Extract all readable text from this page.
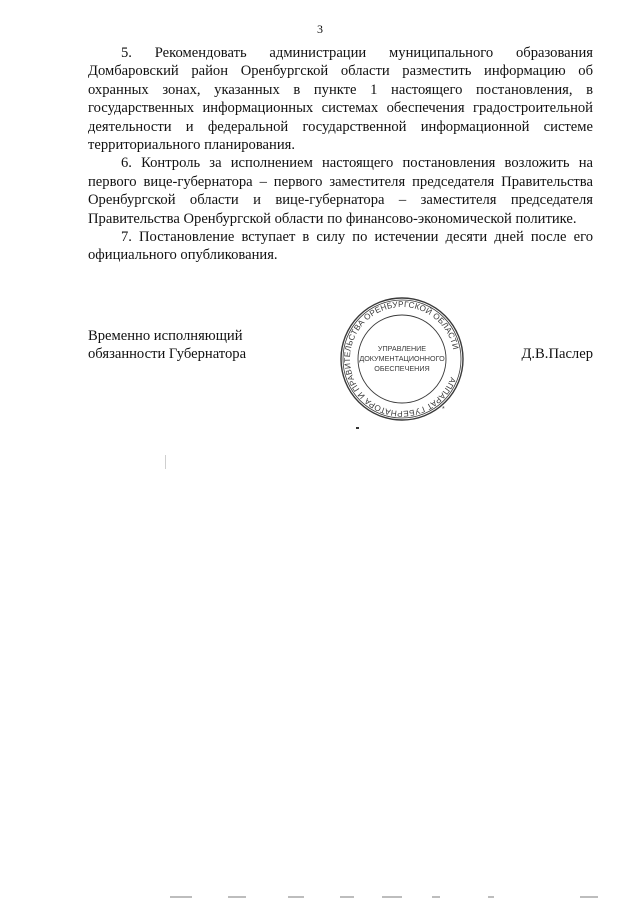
3

5. Рекомендовать администрации муниципального образования Домбаровский район Оренбургской области разместить информацию об охранных зонах, указанных в пункте 1 настоящего постановления, в государственных информационных системах обеспечения градостроительной деятельности и федеральной государственной информационной системе территориального планирования.

6. Контроль за исполнением настоящего постановления возложить на первого вице-губернатора – первого заместителя председателя Правительства Оренбургской области и вице-губернатора – заместителя председателя Правительства Оренбургской области по финансово-экономической политике.

7. Постановление вступает в силу по истечении десяти дней после его официального опубликования.

Временно исполняющий
обязанности Губернатора	Д.В.Паслер
АППАРАТ ГУБЕРНАТОРА И ПРАВИТЕЛЬСТВА ОРЕНБУРГСКОЙ ОБЛАСТИ
*
УПРАВЛЕНИЕ
ДОКУМЕНТАЦИОННОГО
ОБЕСПЕЧЕНИЯ
